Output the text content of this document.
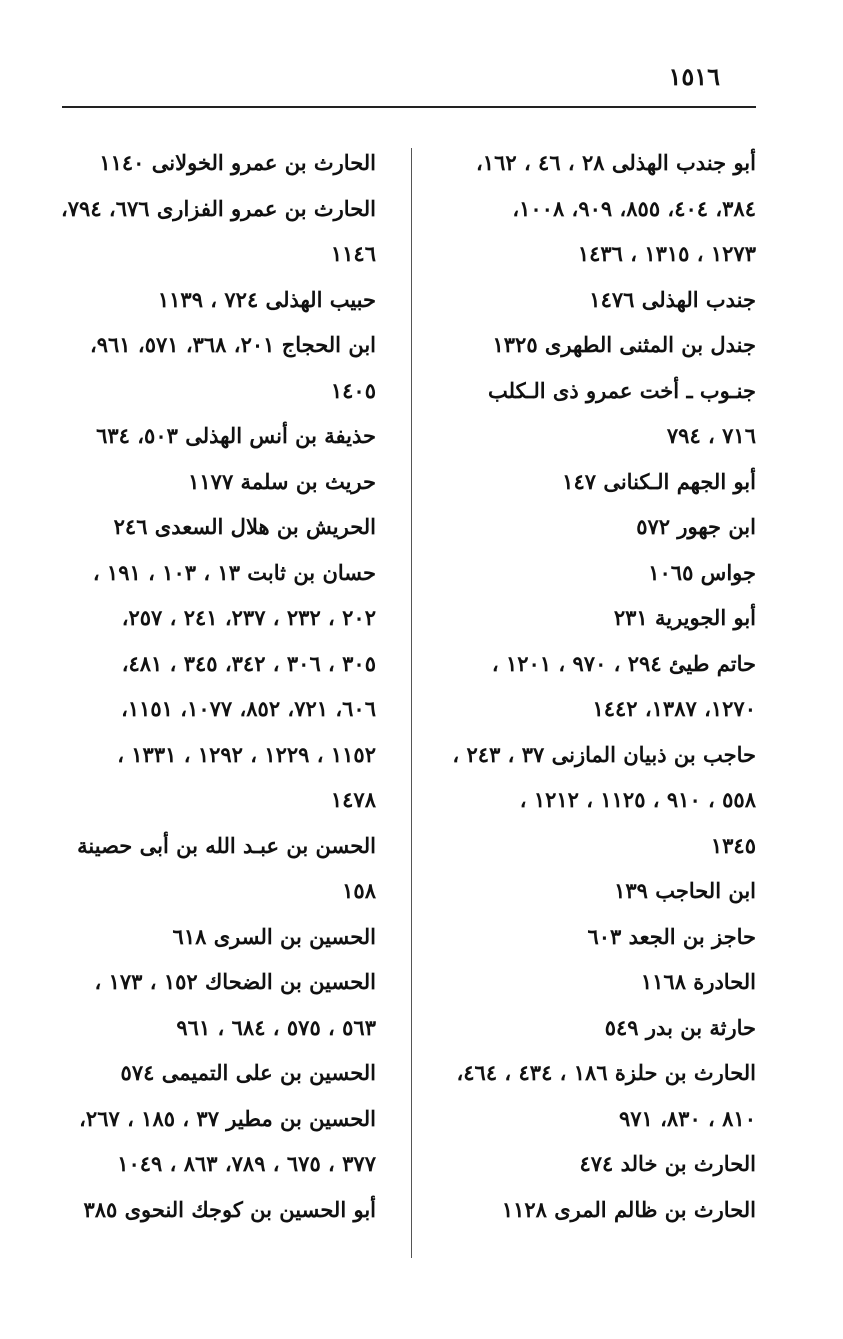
١٥١٦
أبو جندب الهذلى ٢٨ ، ٤٦ ، ١٦٢،
٣٨٤، ٤٠٤، ٨٥٥، ٩٠٩، ١٠٠٨،
١٢٧٣ ، ١٣١٥ ، ١٤٣٦
جندب الهذلى ١٤٧٦
جندل بن المثنى الطهرى ١٣٢٥
جنـوب ـ أخت عمرو ذى الـكلب
٧١٦ ، ٧٩٤
أبو الجهم الـكنانى ١٤٧
ابن جهور ٥٧٢
جواس ١٠٦٥
أبو الجويرية ٢٣١
حاتم طيئ ٢٩٤ ، ٩٧٠ ، ١٢٠١ ،
١٢٧٠، ١٣٨٧، ١٤٤٢
حاجب بن ذبيان المازنى ٣٧ ، ٢٤٣ ،
٥٥٨ ، ٩١٠ ، ١١٢٥ ، ١٢١٢ ،
١٣٤٥
ابن الحاجب ١٣٩
حاجز بن الجعد ٦٠٣
الحادرة ١١٦٨
حارثة بن بدر ٥٤٩
الحارث بن حلزة ١٨٦ ، ٤٣٤ ، ٤٦٤،
٨١٠ ، ٨٣٠، ٩٧١
الحارث بن خالد ٤٧٤
الحارث بن ظالم المرى ١١٢٨
الحارث بن عمرو الخولانى ١١٤٠
الحارث بن عمرو الفزارى ٦٧٦، ٧٩٤،
١١٤٦
حبيب الهذلى ٧٢٤ ، ١١٣٩
ابن الحجاج ٢٠١، ٣٦٨، ٥٧١، ٩٦١،
١٤٠٥
حذيفة بن أنس الهذلى ٥٠٣، ٦٣٤
حريث بن سلمة ١١٧٧
الحريش بن هلال السعدى ٢٤٦
حسان بن ثابت ١٣ ، ١٠٣ ، ١٩١ ،
٢٠٢ ، ٢٣٢ ، ٢٣٧، ٢٤١ ، ٢٥٧،
٣٠٥ ، ٣٠٦ ، ٣٤٢، ٣٤٥ ، ٤٨١،
٦٠٦، ٧٢١، ٨٥٢، ١٠٧٧، ١١٥١،
١١٥٢ ، ١٢٢٩ ، ١٢٩٢ ، ١٣٣١ ،
١٤٧٨
الحسن بن عبـد الله بن أبى حصينة
١٥٨
الحسين بن السرى ٦١٨
الحسين بن الضحاك ١٥٢ ، ١٧٣ ،
٥٦٣ ، ٥٧٥ ، ٦٨٤ ، ٩٦١
الحسين بن على التميمى ٥٧٤
الحسين بن مطير ٣٧ ، ١٨٥ ، ٢٦٧،
٣٧٧ ، ٦٧٥ ، ٧٨٩، ٨٦٣ ، ١٠٤٩
أبو الحسين بن كوجك النحوى ٣٨٥
